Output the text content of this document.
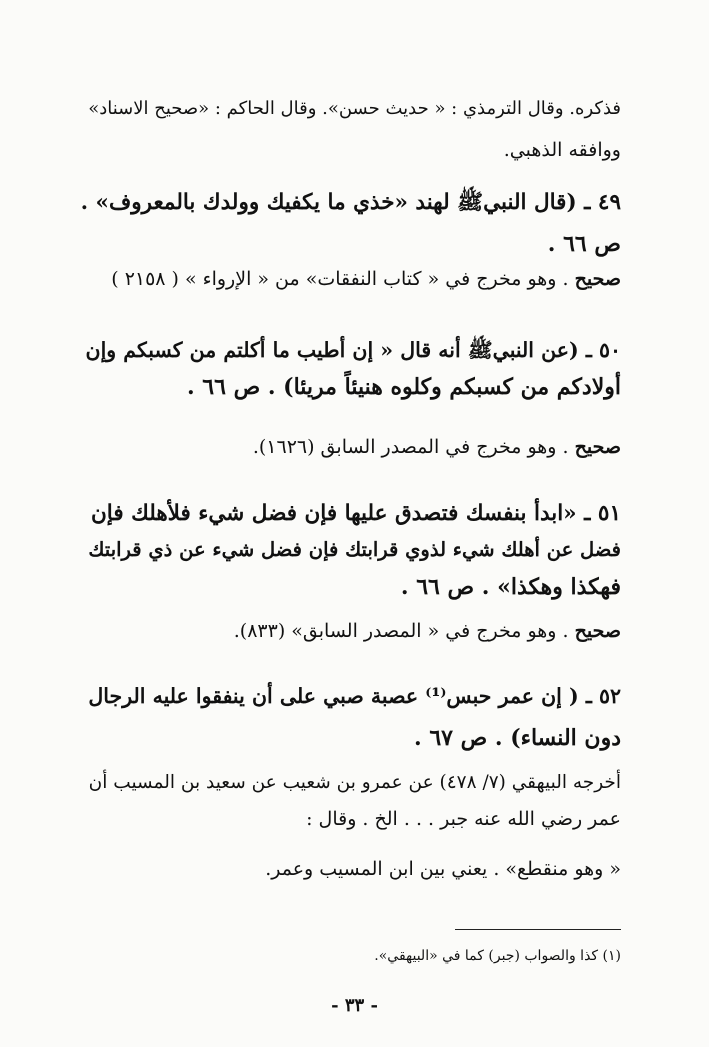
فذكره. وقال الترمذي : « حديث حسن». وقال الحاكم : «صحيح الاسناد»
ووافقه الذهبي.
٤٩ ـ (قال النبيﷺ لهند «خذي ما يكفيك وولدك بالمعروف» .
ص ٦٦ .
صحيح . وهو مخرج في « كتاب النفقات» من « الإرواء » ( ٢١٥٨ )
٥٠ ـ (عن النبيﷺ أنه قال « إن أطيب ما أكلتم من كسبكم وإن
أولادكم من كسبكم وكلوه هنيئاً مريئا) . ص ٦٦ .
صحيح . وهو مخرج في المصدر السابق (١٦٢٦).
٥١ ـ «ابدأ بنفسك فتصدق عليها فإن فضل شيء فلأهلك فإن
فضل عن أهلك شيء لذوي قرابتك فإن فضل شيء عن ذي قرابتك
فهكذا وهكذا» . ص ٦٦ .
صحيح . وهو مخرج في « المصدر السابق» (٨٣٣).
٥٢ ـ ( إن عمر حبس⁽¹⁾ عصبة صبي على أن ينفقوا عليه الرجال
دون النساء) . ص ٦٧ .
أخرجه البيهقي (٧/ ٤٧٨) عن عمرو بن شعيب عن سعيد بن المسيب أن
عمر رضي الله عنه جبر . . . الخ . وقال :
« وهو منقطع» . يعني بين ابن المسيب وعمر.
(١) كذا والصواب (جبر) كما في «البيهقي».
- ٣٣ -
